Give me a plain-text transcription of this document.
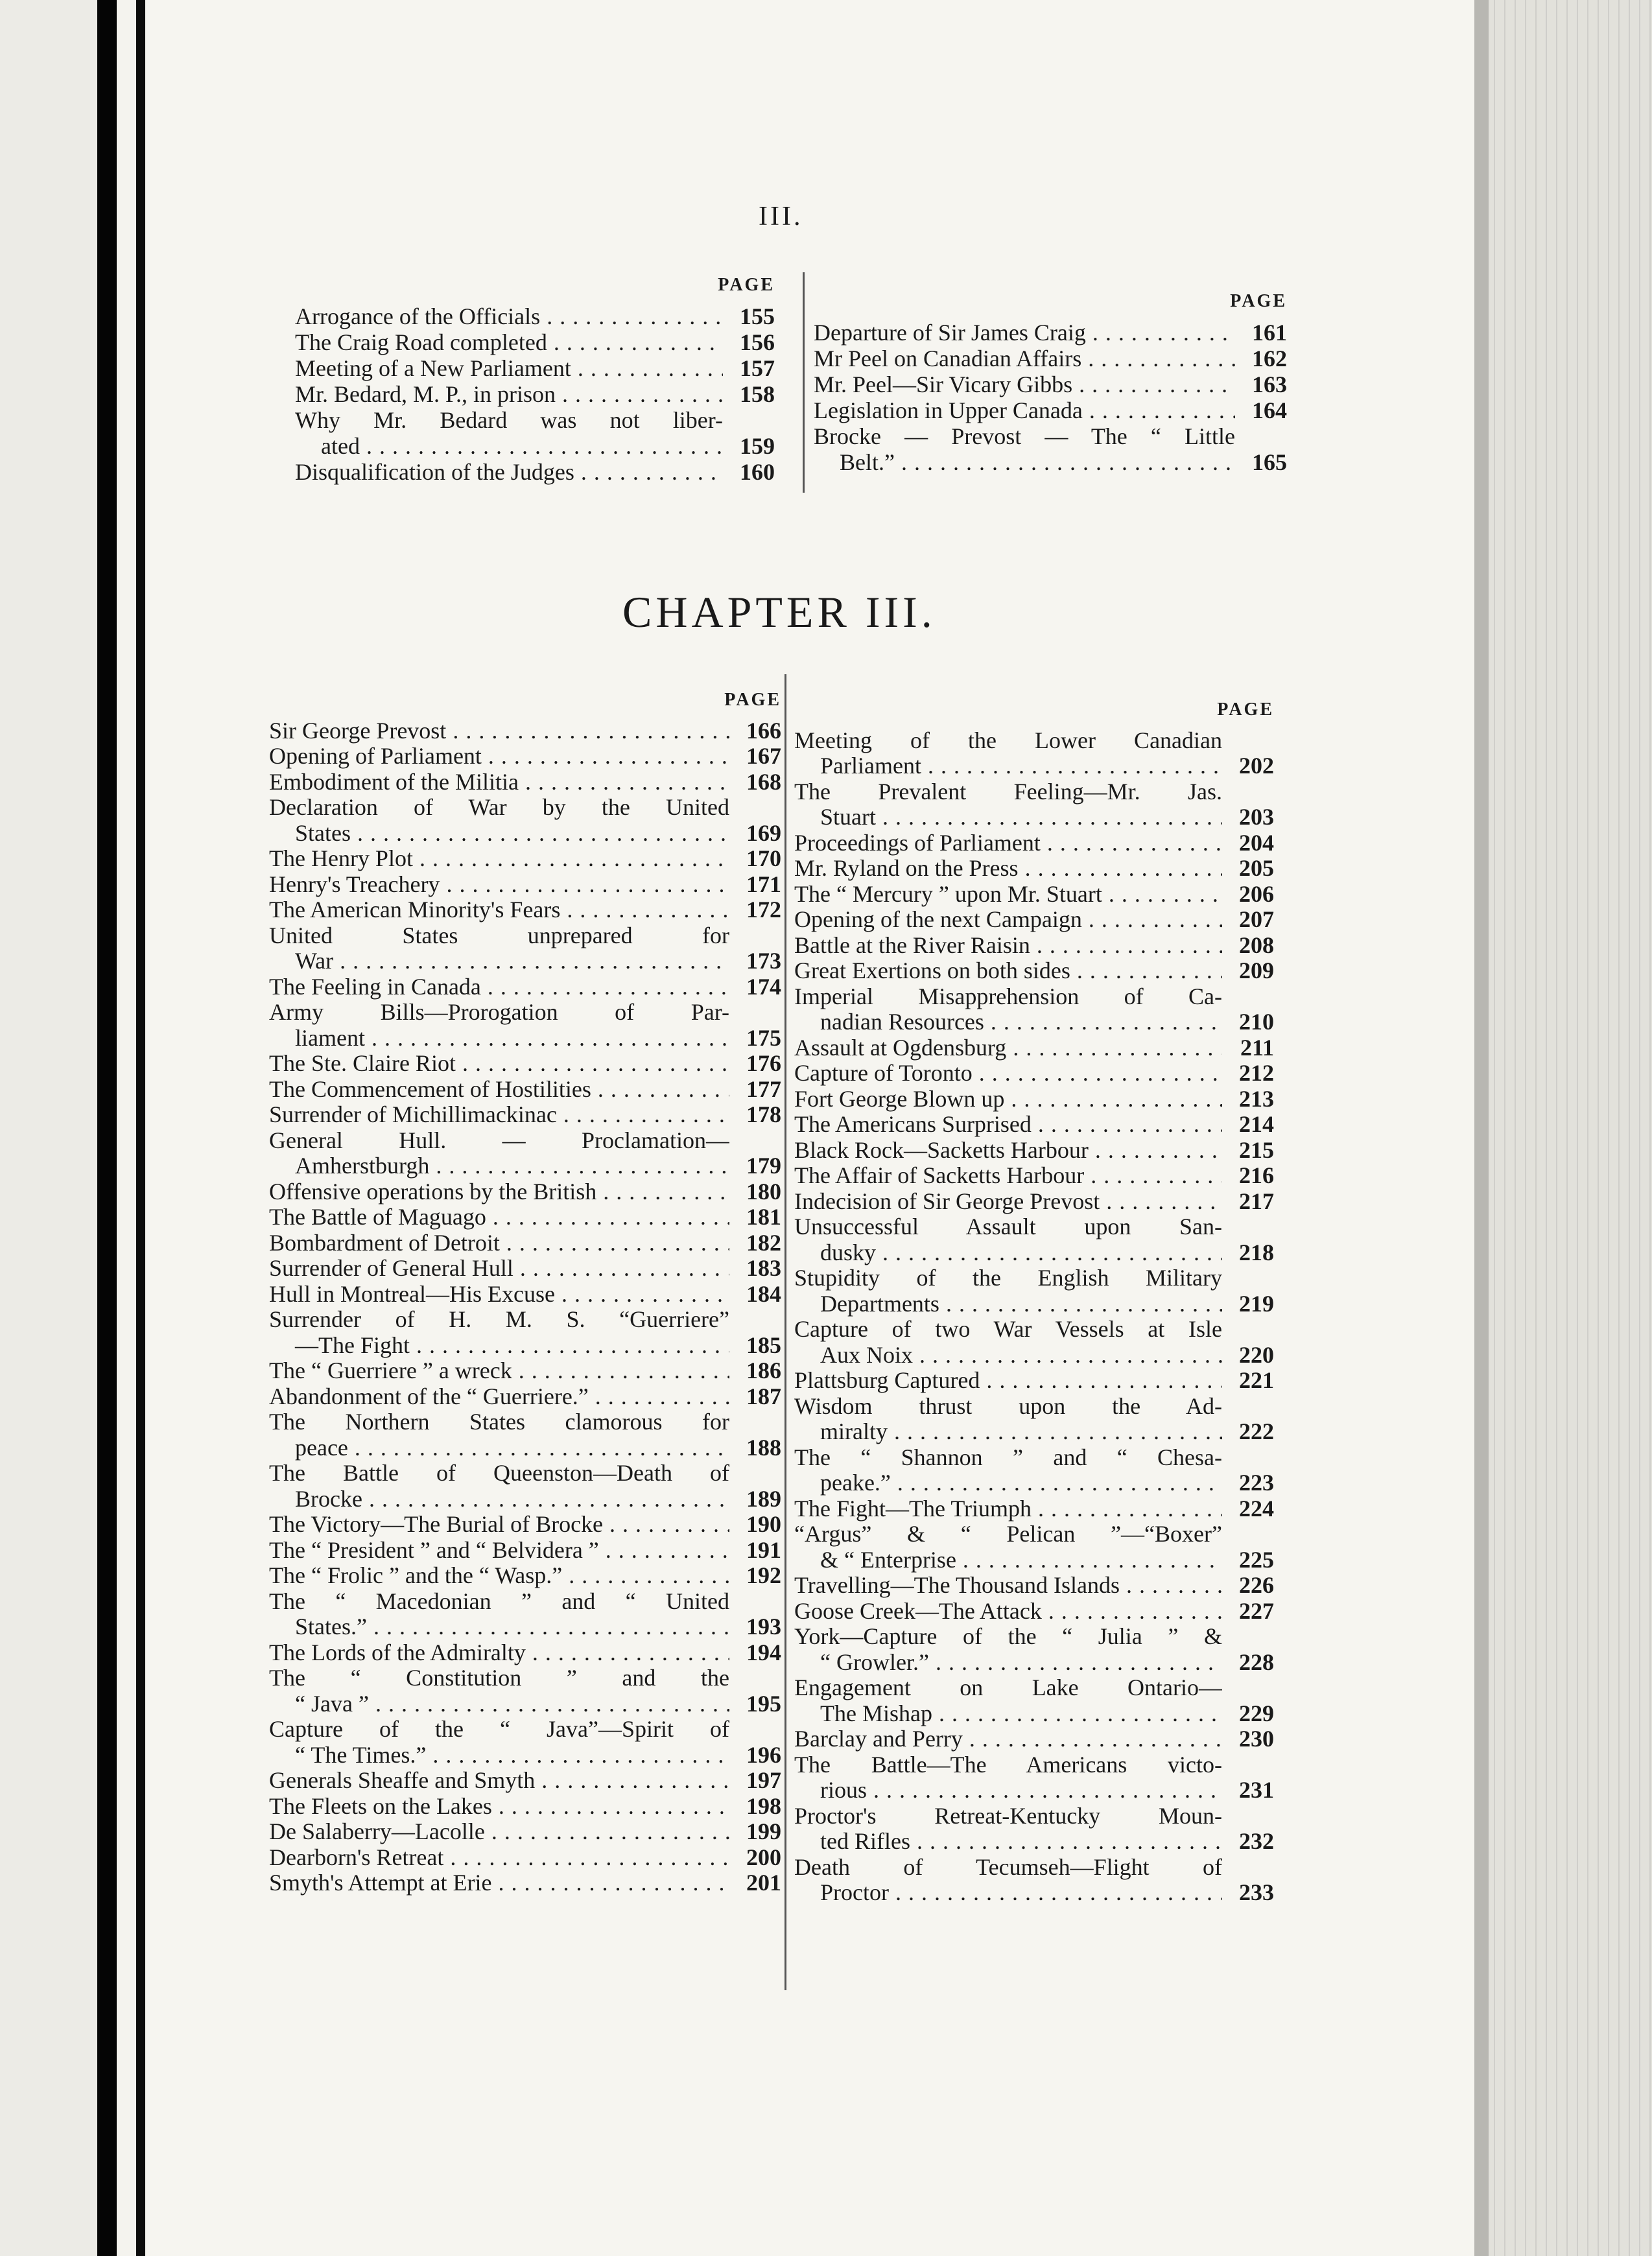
III.
PAGE
Arrogance of the Officials . . .	155
The Craig Road completed . . .	156
Meeting of a New Parliament . . .	157
Mr. Bedard, M. P., in prison . . .	158
Why Mr. Bedard was not liber-
ated . . .	159
Disqualification of the Judges . . .	160
PAGE
Departure of Sir James Craig . . .	161
Mr Peel on Canadian Affairs . . .	162
Mr. Peel—Sir Vicary Gibbs . . .	163
Legislation in Upper Canada . . .	164
Brocke — Prevost — The “ Little
Belt.” . . .	165
CHAPTER III.
PAGE
Sir George Prevost . . .	166
Opening of Parliament . . .	167
Embodiment of the Militia . . .	168
Declaration of War by the United
States . . .	169
The Henry Plot . . .	170
Henry's Treachery . . .	171
The American Minority's Fears . . .	172
United States unprepared for
War . . .	173
The Feeling in Canada . . .	174
Army Bills—Prorogation of Par-
liament . . .	175
The Ste. Claire Riot . . .	176
The Commencement of Hostilities . . .	177
Surrender of Michillimackinac . . .	178
General Hull. — Proclamation—
Amherstburgh . . .	179
Offensive operations by the British . . .	180
The Battle of Maguago . . .	181
Bombardment of Detroit . . .	182
Surrender of General Hull . . .	183
Hull in Montreal—His Excuse . . .	184
Surrender of H. M. S. “Guerriere”
—The Fight . . .	185
The “ Guerriere ” a wreck . . .	186
Abandonment of the “ Guerriere.” . . .	187
The Northern States clamorous for
peace . . .	188
The Battle of Queenston—Death of
Brocke . . .	189
The Victory—The Burial of Brocke . . .	190
The “ President ” and “ Belvidera ” . . .	191
The “ Frolic ” and the “ Wasp.” . . .	192
The “ Macedonian ” and “ United
States.” . . .	193
The Lords of the Admiralty . . .	194
The “ Constitution ” and the
“ Java ” . . .	195
Capture of the “ Java”—Spirit of
“ The Times.” . . .	196
Generals Sheaffe and Smyth . . .	197
The Fleets on the Lakes . . .	198
De Salaberry—Lacolle . . .	199
Dearborn's Retreat . . .	200
Smyth's Attempt at Erie . . .	201
PAGE
Meeting of the Lower Canadian
Parliament . . .	202
The Prevalent Feeling—Mr. Jas.
Stuart . . .	203
Proceedings of Parliament . . .	204
Mr. Ryland on the Press . . .	205
The “ Mercury ” upon Mr. Stuart . . .	206
Opening of the next Campaign . . .	207
Battle at the River Raisin . . .	208
Great Exertions on both sides . . .	209
Imperial Misapprehension of Ca-
nadian Resources . . .	210
Assault at Ogdensburg . . .	211
Capture of Toronto . . .	212
Fort George Blown up . . .	213
The Americans Surprised . . .	214
Black Rock—Sacketts Harbour . . .	215
The Affair of Sacketts Harbour . . .	216
Indecision of Sir George Prevost . . .	217
Unsuccessful Assault upon San-
dusky . . .	218
Stupidity of the English Military
Departments . . .	219
Capture of two War Vessels at Isle
Aux Noix . . .	220
Plattsburg Captured . . .	221
Wisdom thrust upon the Ad-
miralty . . .	222
The “ Shannon ” and “ Chesa-
peake.” . . .	223
The Fight—The Triumph . . .	224
“Argus” & “ Pelican ”—“Boxer”
& “ Enterprise . . .	225
Travelling—The Thousand Islands . . .	226
Goose Creek—The Attack . . .	227
York—Capture of the “ Julia ” &
“ Growler.” . . .	228
Engagement on Lake Ontario—
The Mishap . . .	229
Barclay and Perry . . .	230
The Battle—The Americans victo-
rious . . .	231
Proctor's Retreat-Kentucky Moun-
ted Rifles . . .	232
Death of Tecumseh—Flight of
Proctor . . .	233
